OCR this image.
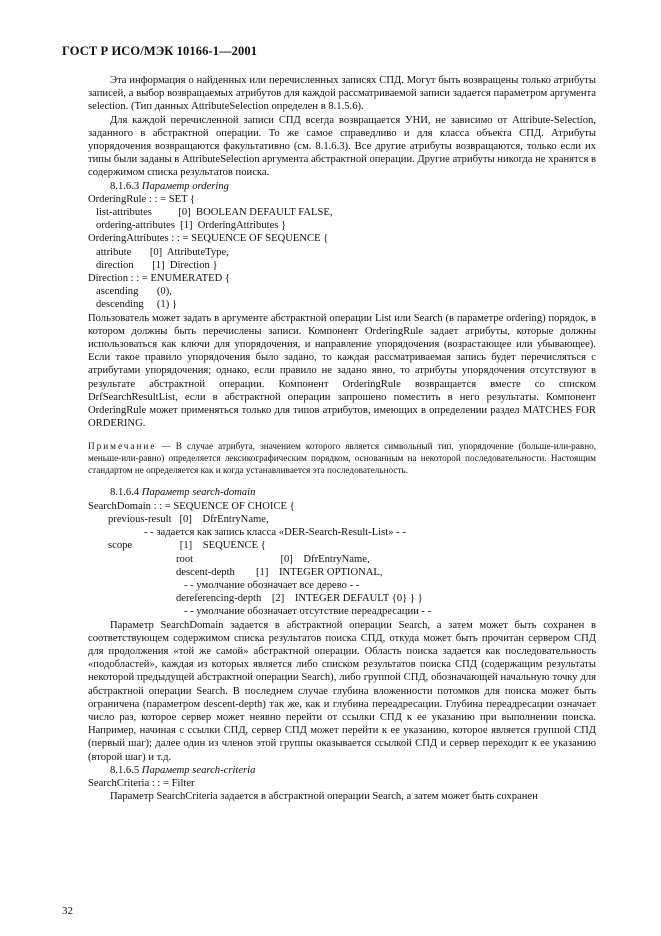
ГОСТ Р ИСО/МЭК 10166-1—2001

Эта информация о найденных или перечисленных записях СПД. Могут быть возвращены только атрибуты записей, а выбор возвращаемых атрибутов для каждой рассматриваемой записи задается параметром аргумента selection. (Тип данных AttributeSelection определен в 8.1.5.6).

Для каждой перечисленной записи СПД всегда возвращается УНИ, не зависимо от Attribute-Selection, заданного в абстрактной операции. То же самое справедливо и для класса объекта СПД. Атрибуты упорядочения возвращаются факультативно (см. 8.1.6.3). Все другие атрибуты возвращаются, только если их типы были заданы в AttributeSelection аргумента абстрактной операции. Другие атрибуты никогда не хранятся в содержимом списка результатов поиска.

8.1.6.3 Параметр ordering

OrderingRule : : = SET {

list-attributes          [0]  BOOLEAN DEFAULT FALSE,

ordering-attributes  [1]  OrderingAttributes }

OrderingAttributes : : = SEQUENCE OF SEQUENCE {

attribute       [0]  AttributeType,

direction       [1]  Direction }

Direction : : = ENUMERATED {

ascending       (0),

descending     (1) }

Пользователь может задать в аргументе абстрактной операции List или Search (в параметре ordering) порядок, в котором должны быть перечислены записи. Компонент OrderingRule задает атрибуты, которые должны использоваться как ключи для упорядочения, и направление упорядочения (возрастающее или убывающее). Если такое правило упорядочения было задано, то каждая рассматриваемая запись будет перечисляться с атрибутами упорядочения; однако, если правило не задано явно, то атрибуты упорядочения отсутствуют в результате абстрактной операции. Компонент OrderingRule возвращается вместе со списком DrfSearchResultList, если в абстрактной операции запрошено поместить в него результаты. Компонент OrderingRule может применяться только для типов атрибутов, имеющих в определении раздел MATCHES FOR ORDERING.

Примечание — В случае атрибута, значением которого является символьный тип, упорядочение (больше-или-равно, меньше-или-равно) определяется лексикографическим порядком, основанным на некоторой последовательности. Настоящим стандартом не определяется как и когда устанавливается эта последовательность.

8.1.6.4 Параметр search-domain

SearchDomain : : = SEQUENCE OF CHOICE {

previous-result   [0]    DfrEntryName,

- - задается как запись класса «DER-Search-Result-List» - -

scope                  [1]    SEQUENCE {

root                                 [0]    DfrEntryName,

descent-depth        [1]    INTEGER OPTIONAL,

- - умолчание обозначает все дерево - -

dereferencing-depth    [2]    INTEGER DEFAULT {0} } }

- - умолчание обозначает отсутствие переадресации - -

Параметр SearchDomain задается в абстрактной операции Search, а затем может быть сохранен в соответствующем содержимом списка результатов поиска СПД, откуда может быть прочитан сервером СПД для продолжения «той же самой» абстрактной операции. Область поиска задается как последовательность «подобластей», каждая из которых является либо списком результатов поиска СПД (содержащим результаты некоторой предыдущей абстрактной операции Search), либо группой СПД, обозначающей начальную точку для абстрактной операции Search. В последнем случае глубина вложенности потомков для поиска может быть ограничена (параметром descent-depth) так же, как и глубина переадресации. Глубина переадресации означает число раз, которое сервер может неявно перейти от ссылки СПД к ее указанию при выполнении поиска. Например, начиная с ссылки СПД, сервер СПД может перейти к ее указанию, которое является группой СПД (первый шаг); далее один из членов этой группы оказывается ссылкой СПД и сервер переходит к ее указанию (второй шаг) и т.д.

8.1.6.5 Параметр search-criteria

SearchCriteria : : = Filter

Параметр SearchCriteria задается в абстрактной операции Search, а затем может быть сохранен

32
